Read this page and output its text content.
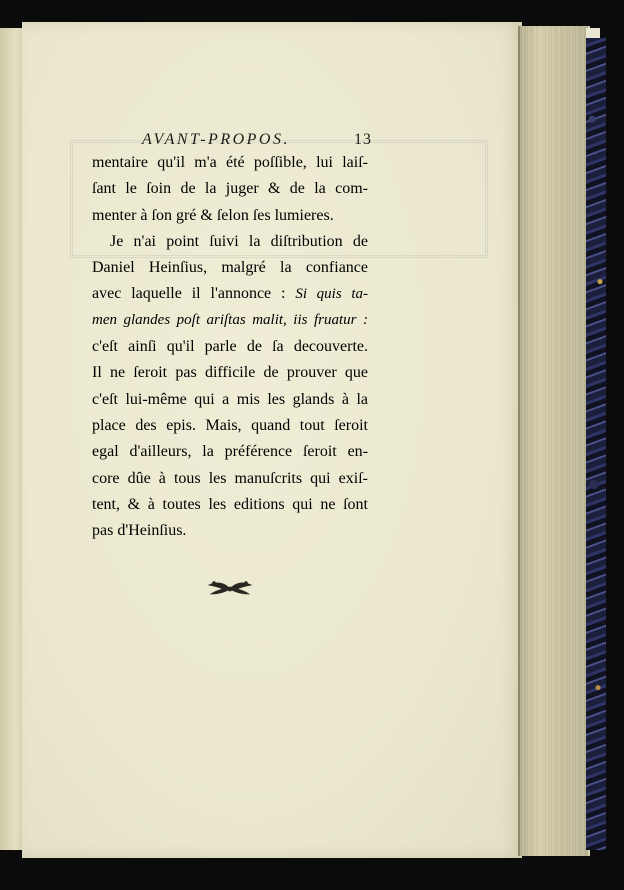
AVANT-PROPOS.	13
mentaire qu'il m'a été poſſible, lui laiſ-
ſant le ſoin de la juger & de la com-
menter à ſon gré & ſelon ſes lumieres.
Je n'ai point ſuivi la diſtribution de
Daniel Heinſius, malgré la confiance
avec laquelle il l'annonce : Si quis ta-
men glandes poſt ariſtas malit, iis fruatur :
c'eſt ainſi qu'il parle de ſa decouverte.
Il ne ſeroit pas difficile de prouver que
c'eſt lui-même qui a mis les glands à la
place des epis. Mais, quand tout ſeroit
egal d'ailleurs, la préférence ſeroit en-
core dûe à tous les manuſcrits qui exiſ-
tent, & à toutes les editions qui ne ſont
pas d'Heinſius.
